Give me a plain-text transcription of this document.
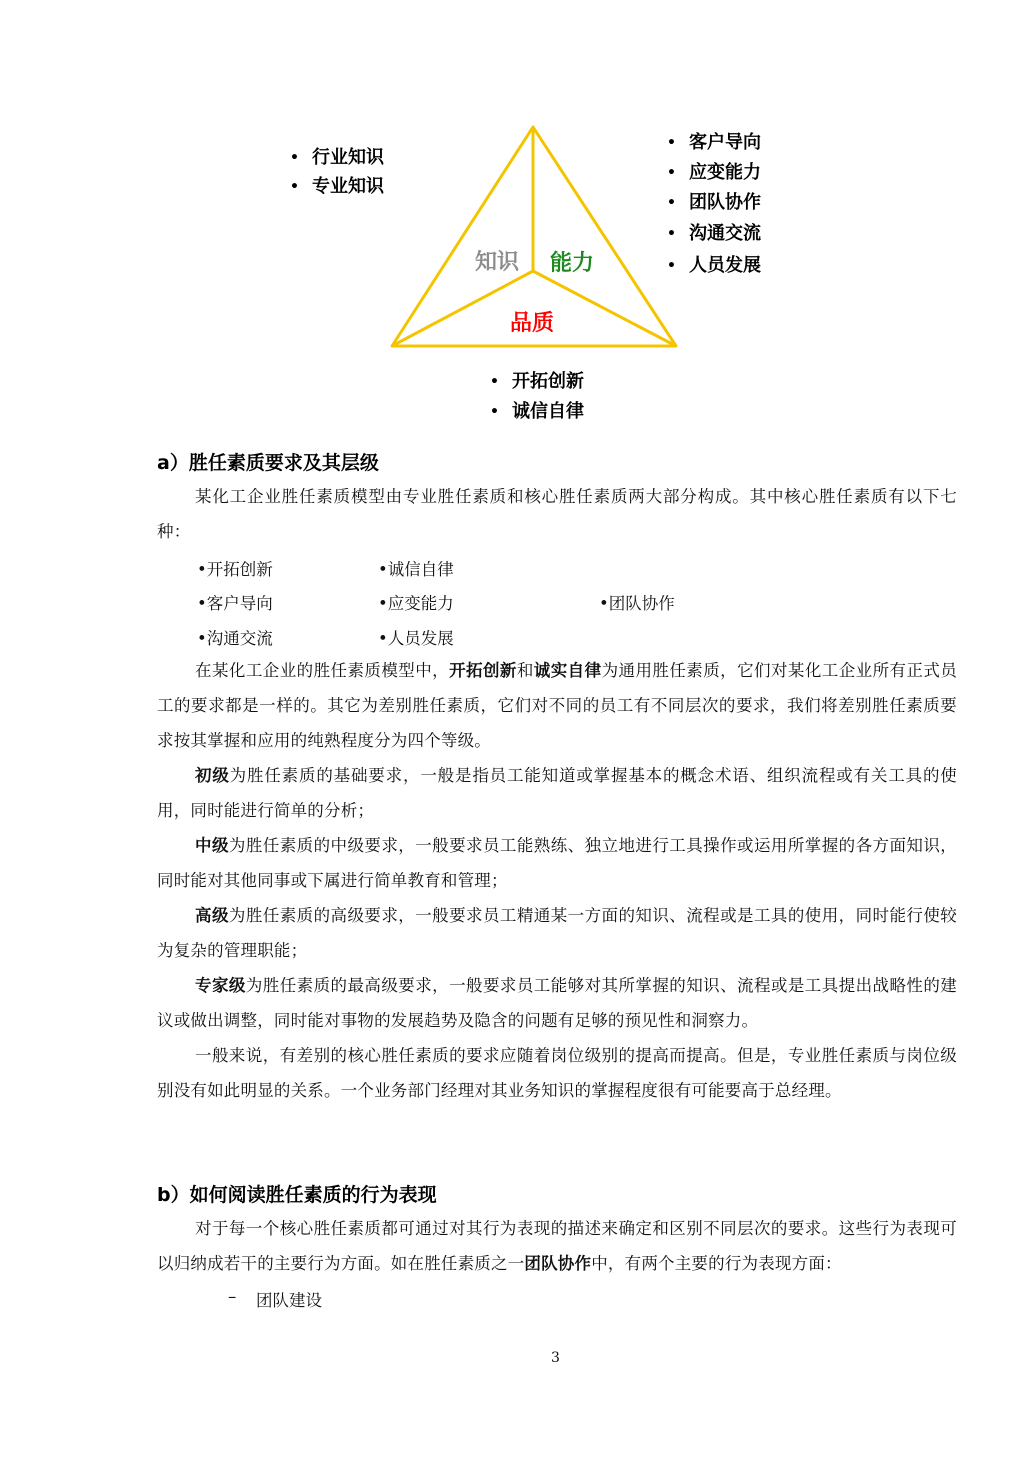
知识 能力
品质
• 行业知识
• 专业知识
• 客户导向
• 应变能力
• 团队协作
• 沟通交流
• 人员发展
• 开拓创新
• 诚信自律
a）胜任素质要求及其层级
某化工企业胜任素质模型由专业胜任素质和核心胜任素质两大部分构成。其中核心胜任素质有以下七种：
•开拓创新	•诚信自律
•客户导向	•应变能力	•团队协作
•沟通交流	•人员发展
在某化工企业的胜任素质模型中，开拓创新和诚实自律为通用胜任素质，它们对某化工企业所有正式员工的要求都是一样的。其它为差别胜任素质，它们对不同的员工有不同层次的要求，我们将差别胜任素质要求按其掌握和应用的纯熟程度分为四个等级。
初级为胜任素质的基础要求，一般是指员工能知道或掌握基本的概念术语、组织流程或有关工具的使用，同时能进行简单的分析；
中级为胜任素质的中级要求，一般要求员工能熟练、独立地进行工具操作或运用所掌握的各方面知识，同时能对其他同事或下属进行简单教育和管理；
高级为胜任素质的高级要求，一般要求员工精通某一方面的知识、流程或是工具的使用，同时能行使较为复杂的管理职能；
专家级为胜任素质的最高级要求，一般要求员工能够对其所掌握的知识、流程或是工具提出战略性的建议或做出调整，同时能对事物的发展趋势及隐含的问题有足够的预见性和洞察力。
一般来说，有差别的核心胜任素质的要求应随着岗位级别的提高而提高。但是，专业胜任素质与岗位级别没有如此明显的关系。一个业务部门经理对其业务知识的掌握程度很有可能要高于总经理。
b）如何阅读胜任素质的行为表现
对于每一个核心胜任素质都可通过对其行为表现的描述来确定和区别不同层次的要求。这些行为表现可以归纳成若干的主要行为方面。如在胜任素质之一团队协作中，有两个主要的行为表现方面：
– 团队建设
3
